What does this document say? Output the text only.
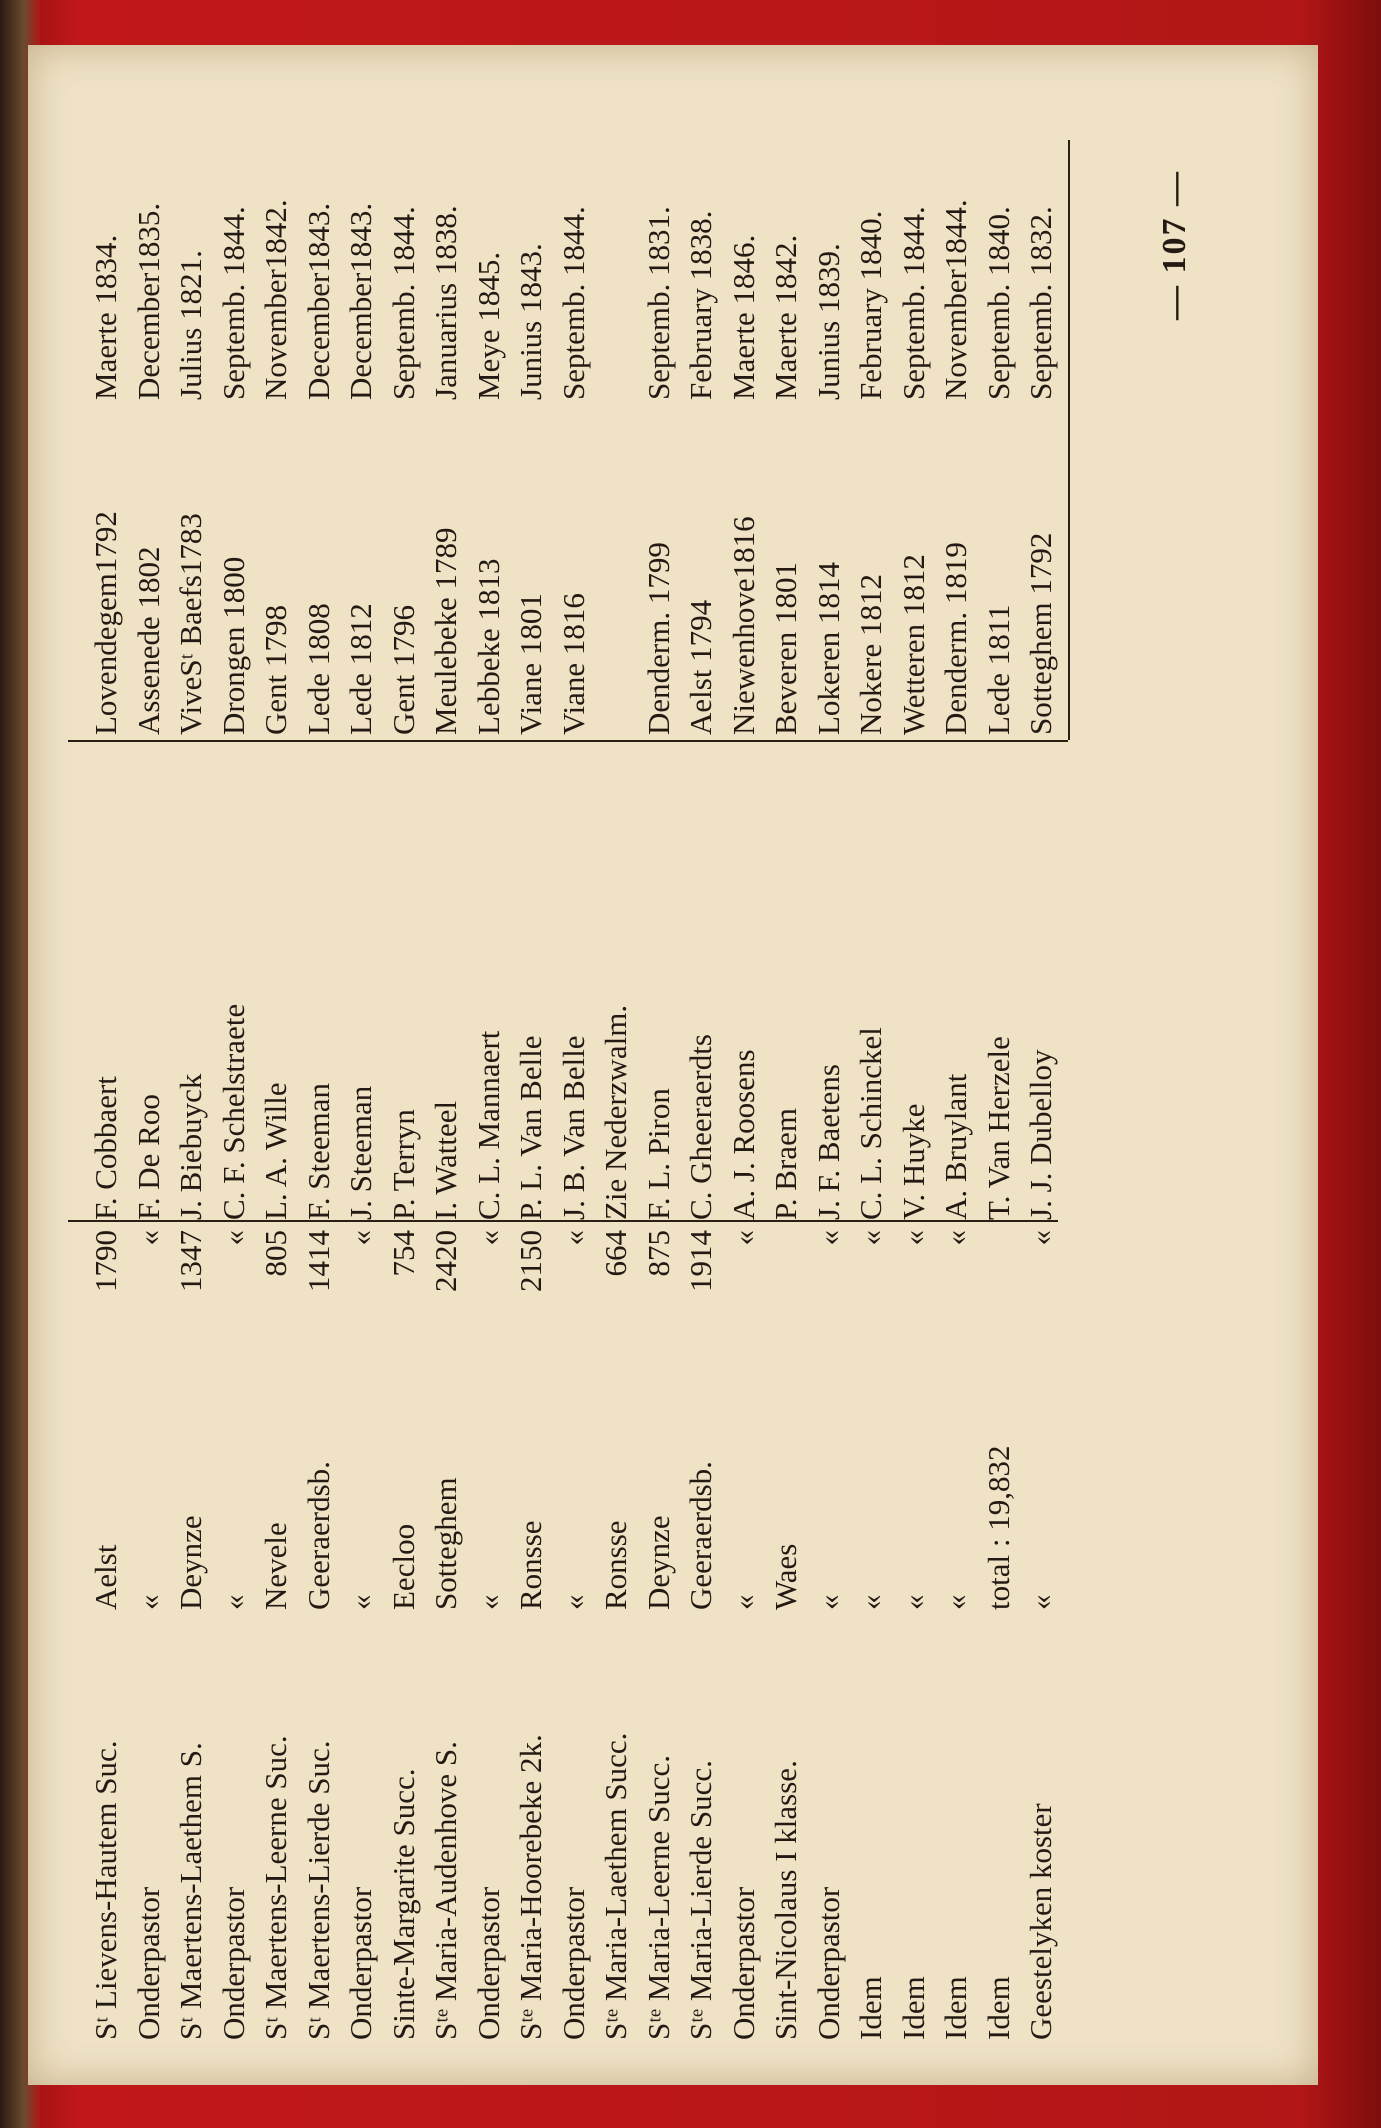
— 107 —
Sᵗ Lievens-Hautem Suc.
Aelst
1790
F. Cobbaert
Lovendegem1792
Maerte 1834.
Onderpastor
«
«
F. De Roo
Assenede 1802
December1835.
Sᵗ Maertens-Laethem S.
Deynze
1347
J. Biebuyck
ViveSᵗ Baefs1783
Julius 1821.
Onderpastor
«
«
C. F. Schelstraete
Drongen 1800
Septemb. 1844.
Sᵗ Maertens-Leerne Suc.
Nevele
805
L. A. Wille
Gent 1798
November1842.
Sᵗ Maertens-Lierde Suc.
Geeraerdsb.
1414
F. Steeman
Lede 1808
December1843.
Onderpastor
«
«
J. Steeman
Lede 1812
December1843.
Sinte-Margarite Succ.
Eecloo
754
P. Terryn
Gent 1796
Septemb. 1844.
Sᵗᵉ Maria-Audenhove S.
Sotteghem
2420
I. Watteel
Meulebeke 1789
Januarius 1838.
Onderpastor
«
«
C. L. Mannaert
Lebbeke 1813
Meye 1845.
Sᵗᵉ Maria-Hoorebeke 2k.
Ronsse
2150
P. L. Van Belle
Viane 1801
Junius 1843.
Onderpastor
«
«
J. B. Van Belle
Viane 1816
Septemb. 1844.
Sᵗᵉ Maria-Laethem Succ.
Ronsse
664
Zie Nederzwalm.
Sᵗᵉ Maria-Leerne Succ.
Deynze
875
F. L. Piron
Denderm. 1799
Septemb. 1831.
Sᵗᵉ Maria-Lierde Succ.
Geeraerdsb.
1914
C. Gheeraerdts
Aelst 1794
February 1838.
Onderpastor
«
«
A. J. Roosens
Niewenhove1816
Maerte 1846.
Sint-Nicolaus I klasse.
Waes
P. Braem
Beveren 1801
Maerte 1842.
Onderpastor
«
«
J. F. Baetens
Lokeren 1814
Junius 1839.
Idem
«
«
C. L. Schinckel
Nokere 1812
February 1840.
Idem
«
«
V. Huyke
Wetteren 1812
Septemb. 1844.
Idem
«
«
A. Bruylant
Denderm. 1819
November1844.
Idem
total : 19,832
T. Van Herzele
Lede 1811
Septemb. 1840.
Geestelyken koster
«
«
J. J. Dubelloy
Sotteghem 1792
Septemb. 1832.
